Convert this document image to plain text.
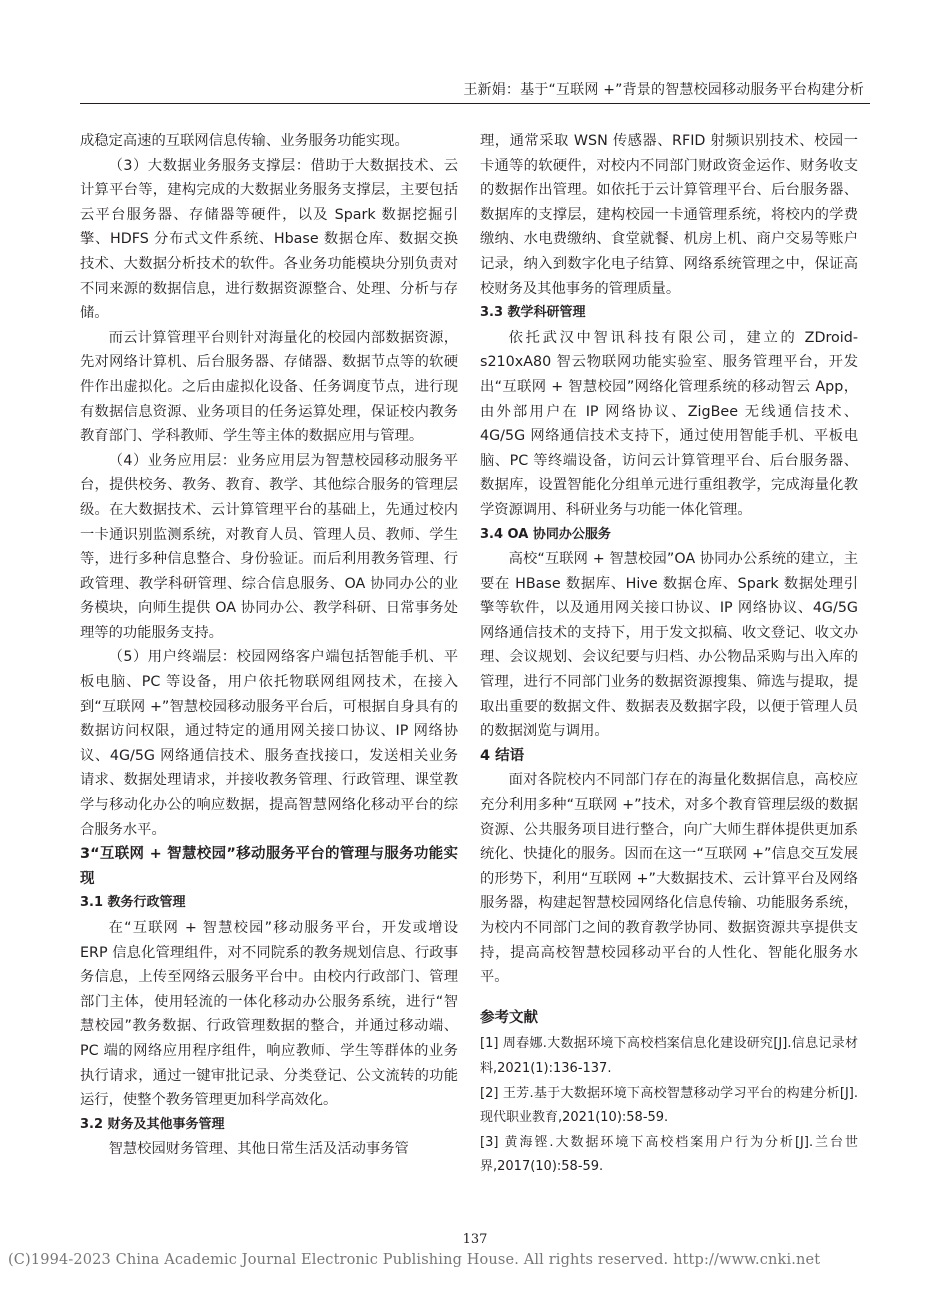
王新娟：基于“互联网 +”背景的智慧校园移动服务平台构建分析

成稳定高速的互联网信息传输、业务服务功能实现。

（3）大数据业务服务支撑层：借助于大数据技术、云计算平台等，建构完成的大数据业务服务支撑层，主要包括云平台服务器、存储器等硬件，以及 Spark 数据挖掘引擎、HDFS 分布式文件系统、Hbase 数据仓库、数据交换技术、大数据分析技术的软件。各业务功能模块分别负责对不同来源的数据信息，进行数据资源整合、处理、分析与存储。

而云计算管理平台则针对海量化的校园内部数据资源，先对网络计算机、后台服务器、存储器、数据节点等的软硬件作出虚拟化。之后由虚拟化设备、任务调度节点，进行现有数据信息资源、业务项目的任务运算处理，保证校内教务教育部门、学科教师、学生等主体的数据应用与管理。

（4）业务应用层：业务应用层为智慧校园移动服务平台，提供校务、教务、教育、教学、其他综合服务的管理层级。在大数据技术、云计算管理平台的基础上，先通过校内一卡通识别监测系统，对教育人员、管理人员、教师、学生等，进行多种信息整合、身份验证。而后利用教务管理、行政管理、教学科研管理、综合信息服务、OA 协同办公的业务模块，向师生提供 OA 协同办公、教学科研、日常事务处理等的功能服务支持。

（5）用户终端层：校园网络客户端包括智能手机、平板电脑、PC 等设备，用户依托物联网组网技术，在接入到“互联网 +”智慧校园移动服务平台后，可根据自身具有的数据访问权限，通过特定的通用网关接口协议、IP 网络协议、4G/5G 网络通信技术、服务查找接口，发送相关业务请求、数据处理请求，并接收教务管理、行政管理、课堂教学与移动化办公的响应数据，提高智慧网络化移动平台的综合服务水平。

3“互联网 + 智慧校园”移动服务平台的管理与服务功能实现
3.1 教务行政管理

在“互联网 + 智慧校园”移动服务平台，开发或增设 ERP 信息化管理组件，对不同院系的教务规划信息、行政事务信息，上传至网络云服务平台中。由校内行政部门、管理部门主体，使用轻流的一体化移动办公服务系统，进行“智慧校园”教务数据、行政管理数据的整合，并通过移动端、PC 端的网络应用程序组件，响应教师、学生等群体的业务执行请求，通过一键审批记录、分类登记、公文流转的功能运行，使整个教务管理更加科学高效化。

3.2 财务及其他事务管理

智慧校园财务管理、其他日常生活及活动事务管

理，通常采取 WSN 传感器、RFID 射频识别技术、校园一卡通等的软硬件，对校内不同部门财政资金运作、财务收支的数据作出管理。如依托于云计算管理平台、后台服务器、数据库的支撑层，建构校园一卡通管理系统，将校内的学费缴纳、水电费缴纳、食堂就餐、机房上机、商户交易等账户记录，纳入到数字化电子结算、网络系统管理之中，保证高校财务及其他事务的管理质量。

3.3 教学科研管理

依托武汉中智讯科技有限公司，建立的 ZDroid-s210xA80 智云物联网功能实验室、服务管理平台，开发出“互联网 + 智慧校园”网络化管理系统的移动智云 App，由外部用户在 IP 网络协议、ZigBee 无线通信技术、4G/5G 网络通信技术支持下，通过使用智能手机、平板电脑、PC 等终端设备，访问云计算管理平台、后台服务器、数据库，设置智能化分组单元进行重组教学，完成海量化教学资源调用、科研业务与功能一体化管理。

3.4 OA 协同办公服务

高校“互联网 + 智慧校园”OA 协同办公系统的建立，主要在 HBase 数据库、Hive 数据仓库、Spark 数据处理引擎等软件，以及通用网关接口协议、IP 网络协议、4G/5G 网络通信技术的支持下，用于发文拟稿、收文登记、收文办理、会议规划、会议纪要与归档、办公物品采购与出入库的管理，进行不同部门业务的数据资源搜集、筛选与提取，提取出重要的数据文件、数据表及数据字段，以便于管理人员的数据浏览与调用。

4 结语

面对各院校内不同部门存在的海量化数据信息，高校应充分利用多种“互联网 +”技术，对多个教育管理层级的数据资源、公共服务项目进行整合，向广大师生群体提供更加系统化、快捷化的服务。因而在这一“互联网 +”信息交互发展的形势下，利用“互联网 +”大数据技术、云计算平台及网络服务器，构建起智慧校园网络化信息传输、功能服务系统，为校内不同部门之间的教育教学协同、数据资源共享提供支持，提高高校智慧校园移动平台的人性化、智能化服务水平。

参考文献

[1] 周春娜.大数据环境下高校档案信息化建设研究[J].信息记录材料,2021(1):136-137.

[2] 王芳.基于大数据环境下高校智慧移动学习平台的构建分析[J].现代职业教育,2021(10):58-59.

[3] 黄海铿.大数据环境下高校档案用户行为分析[J].兰台世界,2017(10):58-59.

137
(C)1994-2023 China Academic Journal Electronic Publishing House. All rights reserved. http://www.cnki.net
